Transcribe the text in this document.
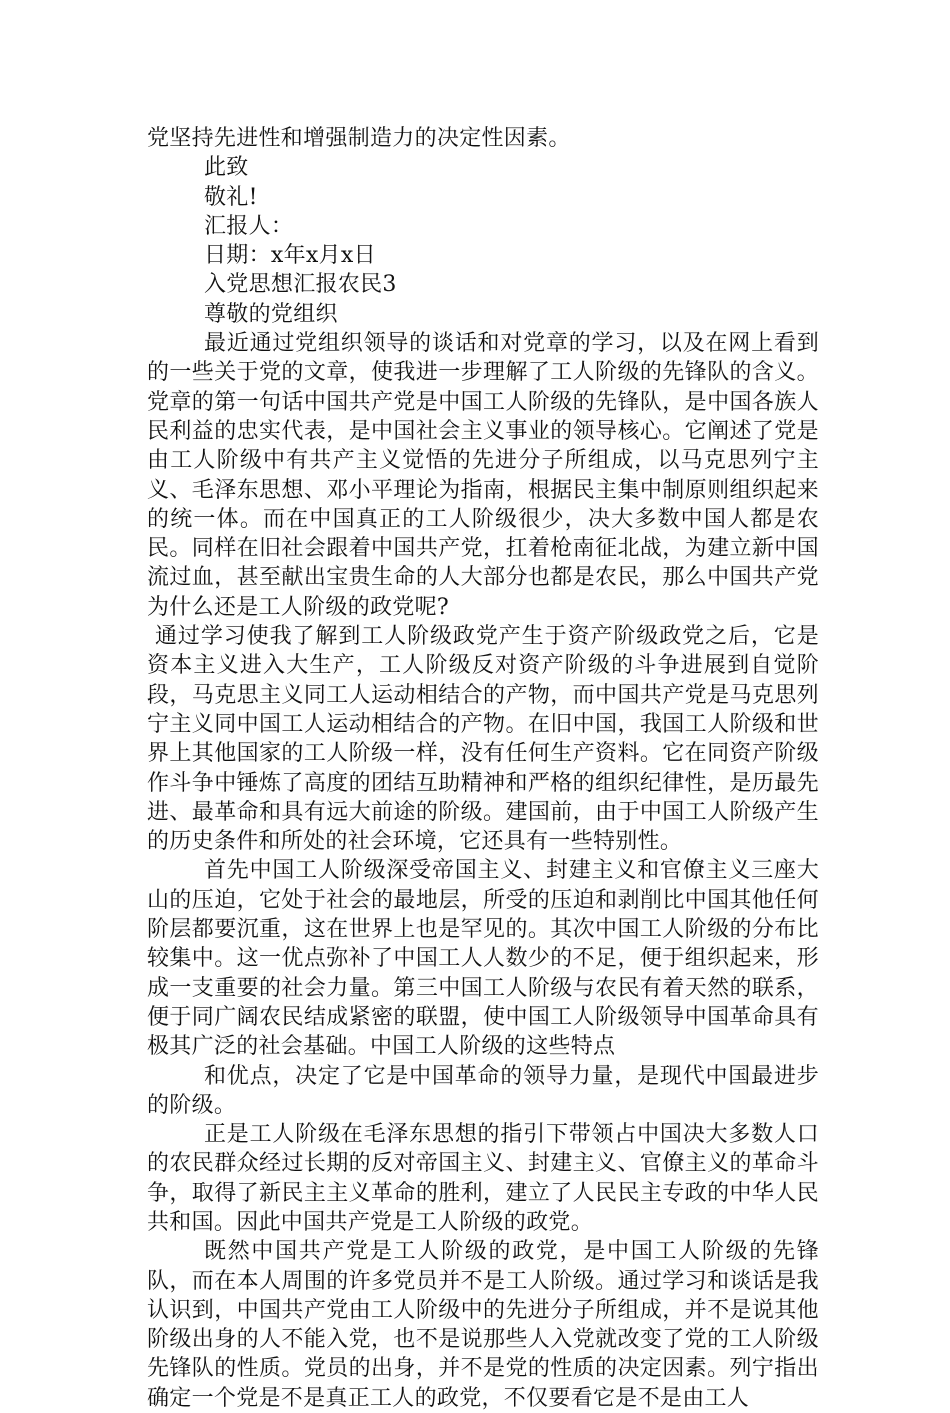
党坚持先进性和增强制造力的决定性因素。

此致

敬礼!

汇报人：

日期：x年x月x日

入党思想汇报农民3

尊敬的党组织

最近通过党组织领导的谈话和对党章的学习，以及在网上看到的一些关于党的文章，使我进一步理解了工人阶级的先锋队的含义。党章的第一句话中国共产党是中国工人阶级的先锋队，是中国各族人民利益的忠实代表，是中国社会主义事业的领导核心。它阐述了党是由工人阶级中有共产主义觉悟的先进分子所组成，以马克思列宁主义、毛泽东思想、邓小平理论为指南，根据民主集中制原则组织起来的统一体。而在中国真正的工人阶级很少，决大多数中国人都是农民。同样在旧社会跟着中国共产党，扛着枪南征北战，为建立新中国流过血，甚至献出宝贵生命的人大部分也都是农民，那么中国共产党为什么还是工人阶级的政党呢?

通过学习使我了解到工人阶级政党产生于资产阶级政党之后，它是资本主义进入大生产，工人阶级反对资产阶级的斗争进展到自觉阶段，马克思主义同工人运动相结合的产物，而中国共产党是马克思列宁主义同中国工人运动相结合的产物。在旧中国，我国工人阶级和世界上其他国家的工人阶级一样，没有任何生产资料。它在同资产阶级作斗争中锤炼了高度的团结互助精神和严格的组织纪律性，是历最先进、最革命和具有远大前途的阶级。建国前，由于中国工人阶级产生的历史条件和所处的社会环境，它还具有一些特别性。

首先中国工人阶级深受帝国主义、封建主义和官僚主义三座大山的压迫，它处于社会的最地层，所受的压迫和剥削比中国其他任何阶层都要沉重，这在世界上也是罕见的。其次中国工人阶级的分布比较集中。这一优点弥补了中国工人人数少的不足，便于组织起来，形成一支重要的社会力量。第三中国工人阶级与农民有着天然的联系，便于同广阔农民结成紧密的联盟，使中国工人阶级领导中国革命具有极其广泛的社会基础。中国工人阶级的这些特点

和优点，决定了它是中国革命的领导力量，是现代中国最进步的阶级。

正是工人阶级在毛泽东思想的指引下带领占中国决大多数人口的农民群众经过长期的反对帝国主义、封建主义、官僚主义的革命斗争，取得了新民主主义革命的胜利，建立了人民民主专政的中华人民共和国。因此中国共产党是工人阶级的政党。

既然中国共产党是工人阶级的政党，是中国工人阶级的先锋队，而在本人周围的许多党员并不是工人阶级。通过学习和谈话是我认识到，中国共产党由工人阶级中的先进分子所组成，并不是说其他阶级出身的人不能入党，也不是说那些人入党就改变了党的工人阶级先锋队的性质。党员的出身，并不是党的性质的决定因素。列宁指出确定一个党是不是真正工人的政党，不仅要看它是不是由工人
